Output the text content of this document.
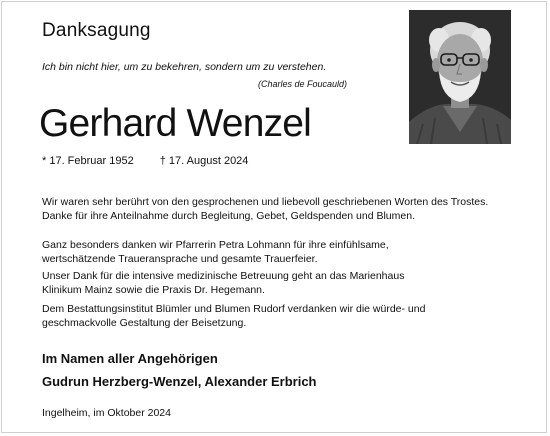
Danksagung
Ich bin nicht hier, um zu bekehren, sondern um zu verstehen.
(Charles de Foucauld)
Gerhard Wenzel
* 17. Februar 1952 † 17. August 2024

Wir waren sehr berührt von den gesprochenen und liebevoll geschriebenen Worten des Trostes.
Danke für ihre Anteilnahme durch Begleitung, Gebet, Geldspenden und Blumen.

Ganz besonders danken wir Pfarrerin Petra Lohmann für ihre einfühlsame,
wertschätzende Traueransprache und gesamte Trauerfeier.

Unser Dank für die intensive medizinische Betreuung geht an das Marienhaus
Klinikum Mainz sowie die Praxis Dr. Hegemann.

Dem Bestattungsinstitut Blümler und Blumen Rudorf verdanken wir die würde- und
geschmackvolle Gestaltung der Beisetzung.

Im Namen aller Angehörigen
Gudrun Herzberg-Wenzel, Alexander Erbrich
Ingelheim, im Oktober 2024
